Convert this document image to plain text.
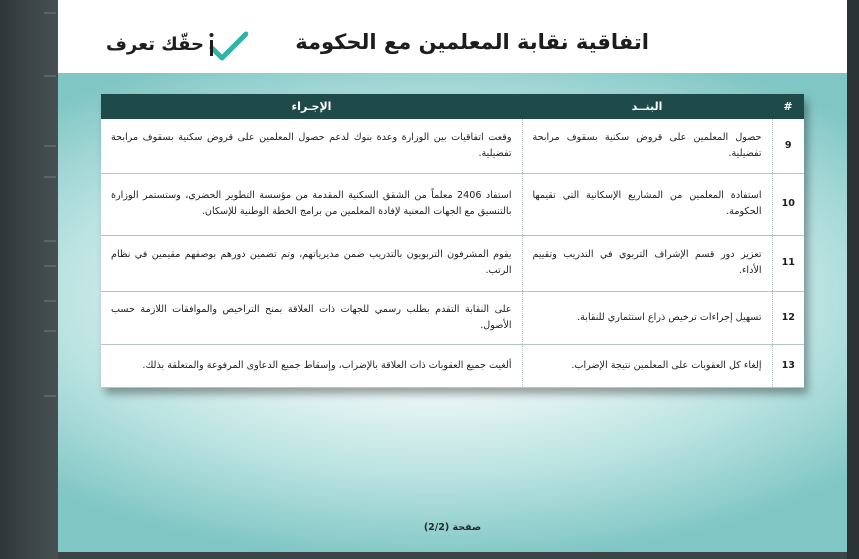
اتفاقية نقابة المعلمين مع الحكومة
حقّك تعرف
#	البنــد	الإجـراء
9	حصول المعلمين على قروض سكنية بسقوف مرابحة تفضيلية.	وقعت اتفاقيات بين الوزارة وعدة بنوك لدعم حصول المعلمين على قروض سكنية بسقوف مرابحة تفضيلية.
10	استفادة المعلمين من المشاريع الإسكانية التي تقيمها الحكومة.	استفاد 2406 معلماً من الشقق السكنية المقدمة من مؤسسة التطوير الحضري، وستستمر الوزارة بالتنسيق مع الجهات المعنية لإفادة المعلمين من برامج الخطة الوطنية للإسكان.
11	تعزيز دور قسم الإشراف التربوي في التدريب وتقييم الأداء.	يقوم المشرفون التربويون بالتدريب ضمن مديرياتهم، وتم تضمين دورهم بوصفهم مقيمين في نظام الرتب.
12	تسهيل إجراءات ترخيص ذراع استثماري للنقابة.	على النقابة التقدم بطلب رسمي للجهات ذات العلاقة بمنح التراخيص والموافقات اللازمة حسب الأصول.
13	إلغاء كل العقوبات على المعلمين نتيجة الإضراب.	ألغيت جميع العقوبات ذات العلاقة بالإضراب، وإسقاط جميع الدعاوى المرفوعة والمتعلقة بذلك.
صفحة (2/2)
